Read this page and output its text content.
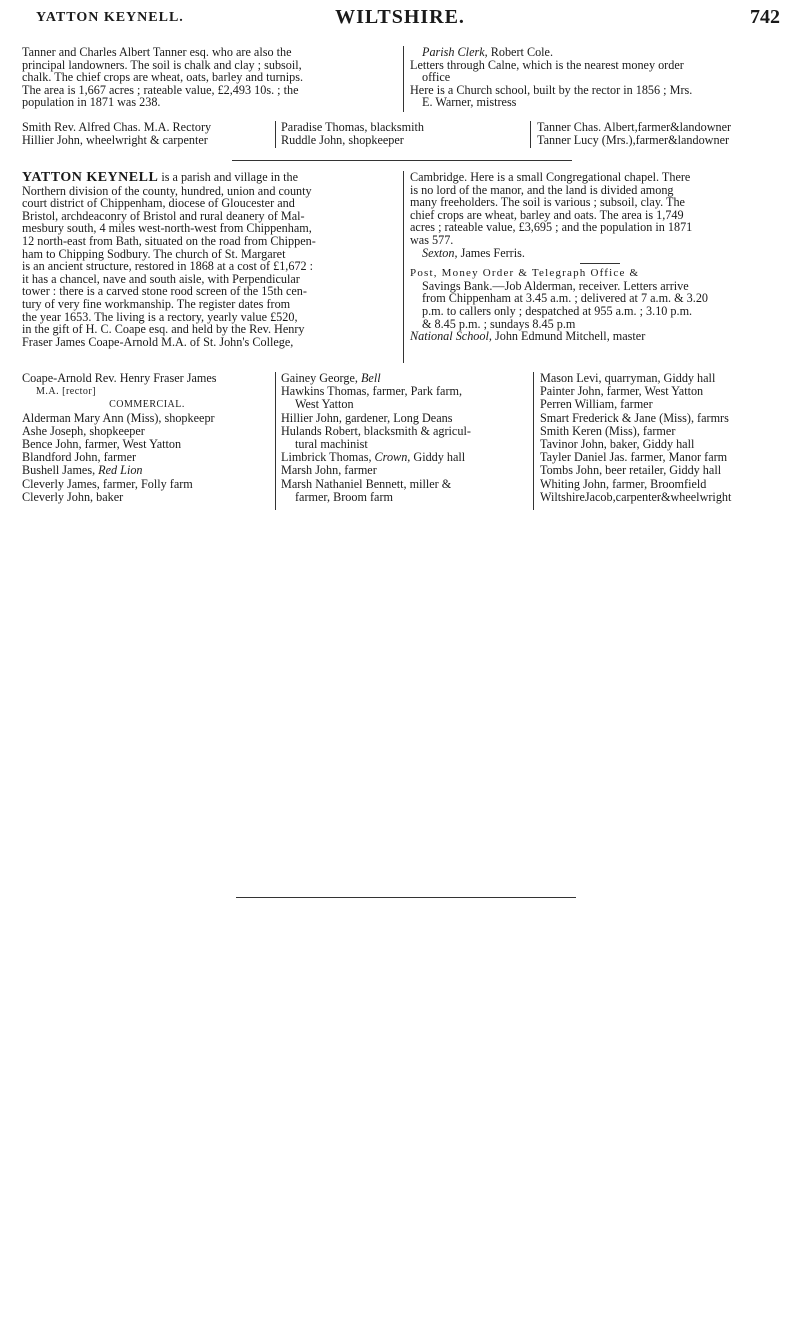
YATTON KEYNELL.	WILTSHIRE.	742
Tanner and Charles Albert Tanner esq. who are also the
principal landowners. The soil is chalk and clay ; subsoil,
chalk. The chief crops are wheat, oats, barley and turnips.
The area is 1,667 acres ; rateable value, £2,493 10s. ; the
population in 1871 was 238.
Parish Clerk, Robert Cole.
Letters through Calne, which is the nearest money order
office
Here is a Church school, built by the rector in 1856 ; Mrs.
E. Warner, mistress
Smith Rev. Alfred Chas. M.A. Rectory
Hillier John, wheelwright & carpenter
Paradise Thomas, blacksmith
Ruddle John, shopkeeper
Tanner Chas. Albert,farmer&landowner
Tanner Lucy (Mrs.),farmer&landowner
YATTON KEYNELL is a parish and village in the
Northern division of the county, hundred, union and county
court district of Chippenham, diocese of Gloucester and
Bristol, archdeaconry of Bristol and rural deanery of Mal-
mesbury south, 4 miles west-north-west from Chippenham,
12 north-east from Bath, situated on the road from Chippen-
ham to Chipping Sodbury. The church of St. Margaret
is an ancient structure, restored in 1868 at a cost of £1,672 :
it has a chancel, nave and south aisle, with Perpendicular
tower : there is a carved stone rood screen of the 15th cen-
tury of very fine workmanship. The register dates from
the year 1653. The living is a rectory, yearly value £520,
in the gift of H. C. Coape esq. and held by the Rev. Henry
Fraser James Coape-Arnold M.A. of St. John's College,
Cambridge. Here is a small Congregational chapel. There
is no lord of the manor, and the land is divided among
many freeholders. The soil is various ; subsoil, clay. The
chief crops are wheat, barley and oats. The area is 1,749
acres ; rateable value, £3,695 ; and the population in 1871
was 577.
Sexton, James Ferris.
Post, Money Order & Telegraph Office &
Savings Bank.—Job Alderman, receiver. Letters arrive
from Chippenham at 3.45 a.m. ; delivered at 7 a.m. & 3.20
p.m. to callers only ; despatched at 955 a.m. ; 3.10 p.m.
& 8.45 p.m. ; sundays 8.45 p.m
National School, John Edmund Mitchell, master
Coape-Arnold Rev. Henry Fraser James
M.A. [rector]
COMMERCIAL.
Alderman Mary Ann (Miss), shopkeepr
Ashe Joseph, shopkeeper
Bence John, farmer, West Yatton
Blandford John, farmer
Bushell James, Red Lion
Cleverly James, farmer, Folly farm
Cleverly John, baker
Gainey George, Bell
Hawkins Thomas, farmer, Park farm,
West Yatton
Hillier John, gardener, Long Deans
Hulands Robert, blacksmith & agricul-
tural machinist
Limbrick Thomas, Crown, Giddy hall
Marsh John, farmer
Marsh Nathaniel Bennett, miller &
farmer, Broom farm
Mason Levi, quarryman, Giddy hall
Painter John, farmer, West Yatton
Perren William, farmer
Smart Frederick & Jane (Miss), farmrs
Smith Keren (Miss), farmer
Tavinor John, baker, Giddy hall
Tayler Daniel Jas. farmer, Manor farm
Tombs John, beer retailer, Giddy hall
Whiting John, farmer, Broomfield
WiltshireJacob,carpenter&wheelwright
